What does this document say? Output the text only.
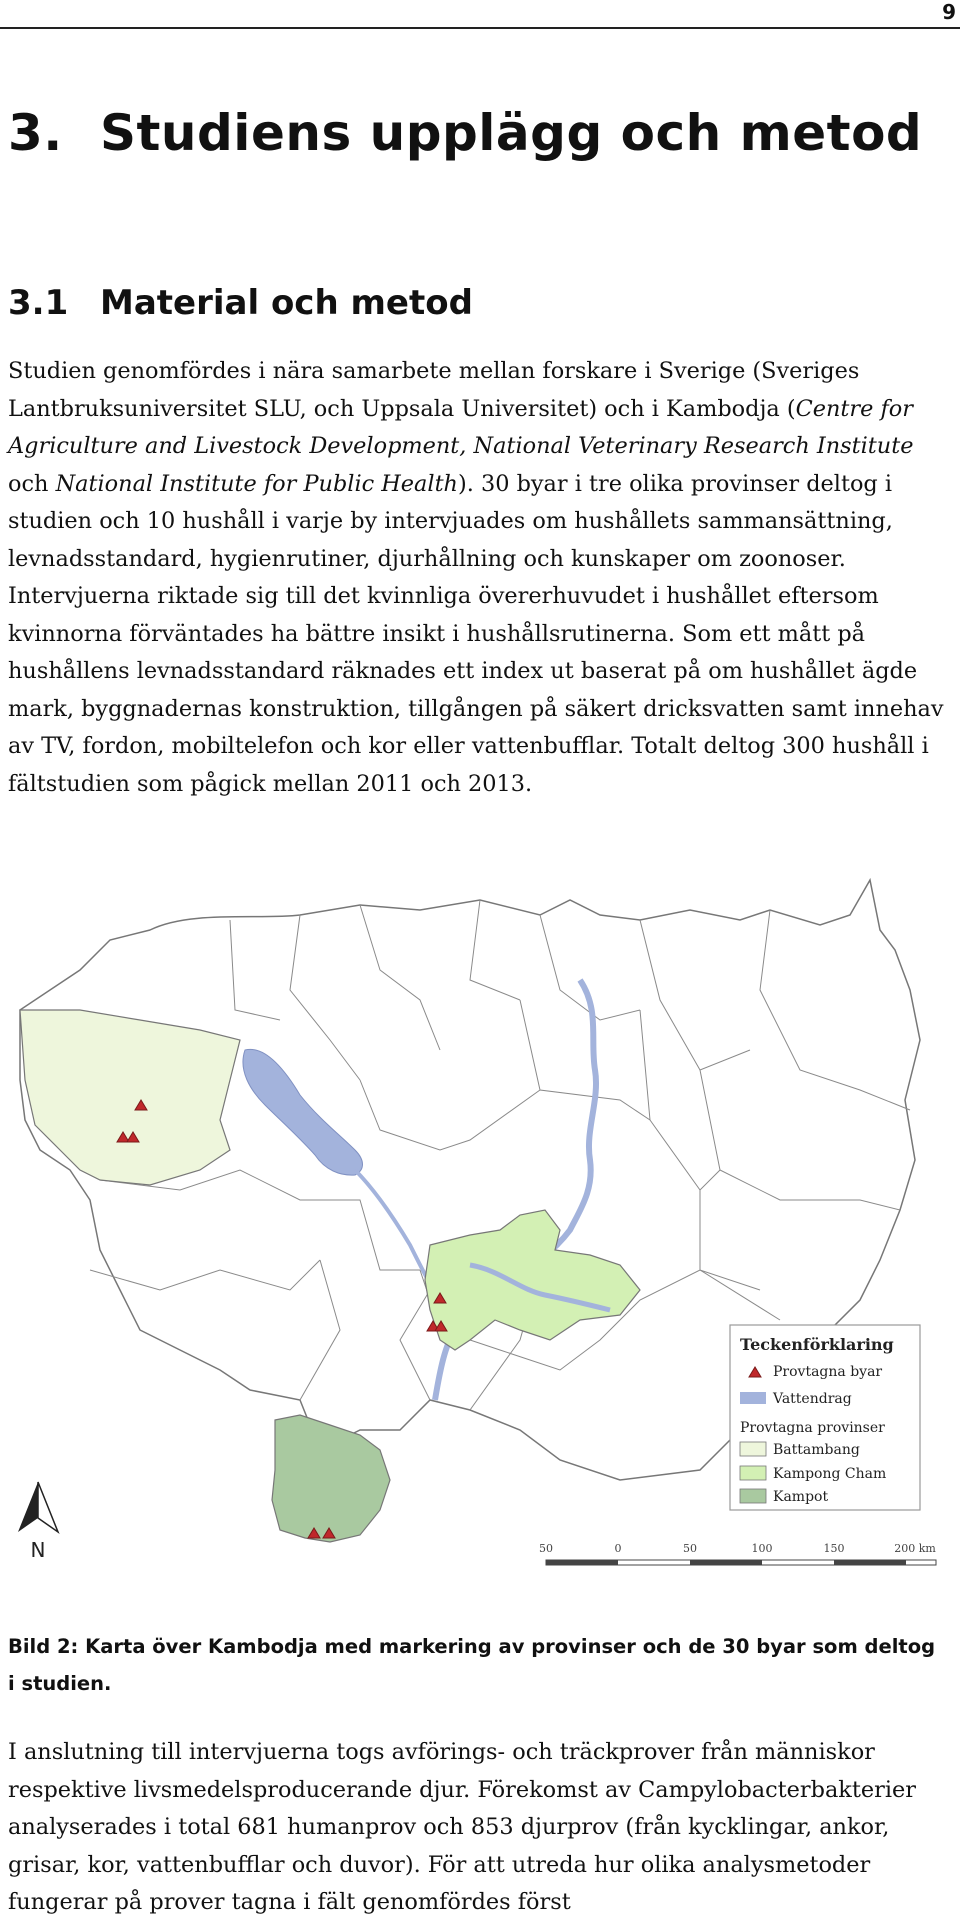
9
3. Studiens upplägg och metod
3.1 Material och metod

Studien genomfördes i nära samarbete mellan forskare i Sverige (Sveriges Lantbruksuniversitet SLU, och Uppsala Universitet) och i Kambodja (Centre for Agriculture and Livestock Development, National Veterinary Research Institute och National Institute for Public Health). 30 byar i tre olika provinser deltog i studien och 10 hushåll i varje by intervjuades om hushållets sammansättning, levnadsstandard, hygienrutiner, djurhållning och kunskaper om zoonoser. Intervjuerna riktade sig till det kvinnliga övererhuvudet i hushållet eftersom kvinnorna förväntades ha bättre insikt i hushållsrutinerna. Som ett mått på hushållens levnadsstandard räknades ett index ut baserat på om hushållet ägde mark, byggnadernas konstruktion, tillgången på säkert dricksvatten samt innehav av TV, fordon, mobiltelefon och kor eller vattenbufflar. Totalt deltog 300 hushåll i fältstudien som pågick mellan 2011 och 2013.

N
Teckenförklaring
Provtagna byar
Vattendrag
Provtagna provinser
Battambang
Kampong Cham
Kampot
50	0	50	100	150	200 km

Bild 2: Karta över Kambodja med markering av provinser och de 30 byar som deltog i studien.

I anslutning till intervjuerna togs avförings- och träckprover från människor respektive livsmedelsproducerande djur. Förekomst av Campylobacterbakterier analyserades i total 681 humanprov och 853 djurprov (från kycklingar, ankor, grisar, kor, vattenbufflar och duvor). För att utreda hur olika analysmetoder fungerar på prover tagna i fält genomfördes först
